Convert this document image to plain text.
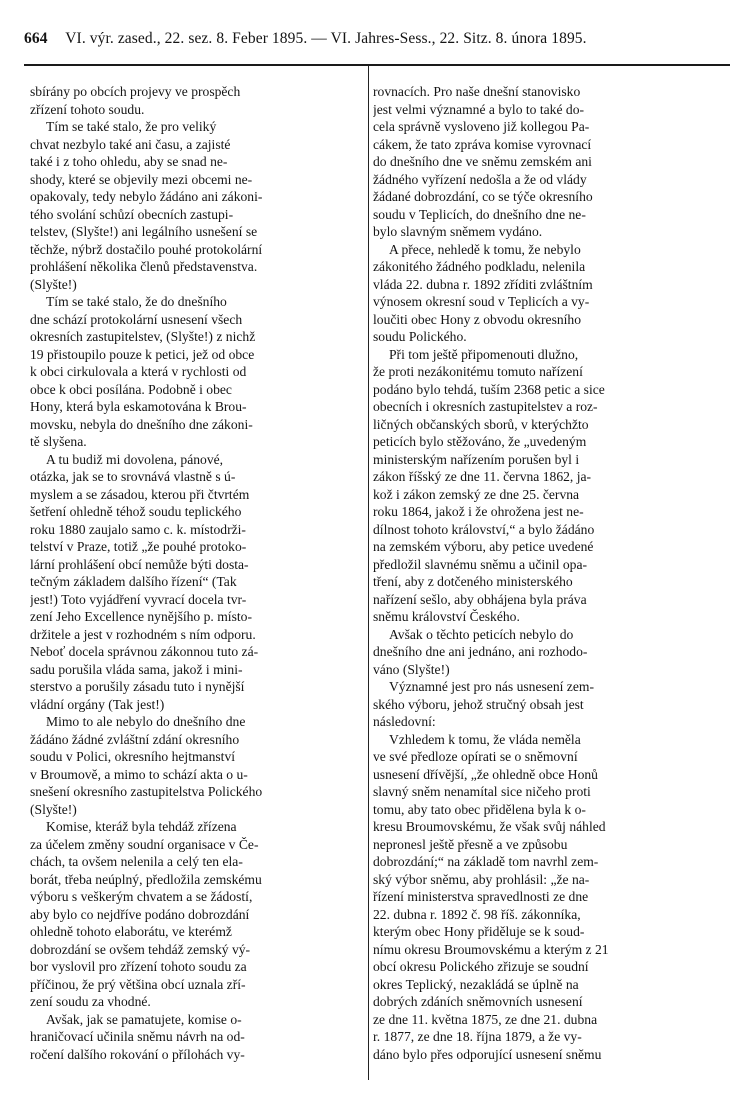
664 VI. výr. zased., 22. sez. 8. Feber 1895. — VI. Jahres-Sess., 22. Sitz. 8. února 1895.

sbírány po obcích projevy ve prospěch
zřízení tohoto soudu.

Tím se také stalo, že pro veliký
chvat nezbylo také ani času, a zajisté
také i z toho ohledu, aby se snad ne-
shody, které se objevily mezi obcemi ne-
opakovaly, tedy nebylo žádáno ani zákoni-
tého svolání schůzí obecních zastupi-
telstev, (Slyšte!) ani legálního usnešení se
těchže, nýbrž dostačilo pouhé protokolární
prohlášení několika členů představenstva.
(Slyšte!)

Tím se také stalo, že do dnešního
dne schází protokolární usnesení všech
okresních zastupitelstev, (Slyšte!) z nichž
19 přistoupilo pouze k petici, jež od obce
k obci cirkulovala a která v rychlosti od
obce k obci posílána. Podobně i obec
Hony, která byla eskamotována k Brou-
movsku, nebyla do dnešního dne zákoni-
tě slyšena.

A tu budiž mi dovolena, pánové,
otázka, jak se to srovnává vlastně s ú-
myslem a se zásadou, kterou při čtvrtém
šetření ohledně téhož soudu teplického
roku 1880 zaujalo samo c. k. místodrži-
telství v Praze, totiž „že pouhé protoko-
lární prohlášení obcí nemůže býti dosta-
tečným základem dalšího řízení“ (Tak
jest!) Toto vyjádření vyvrací docela tvr-
zení Jeho Excellence nynějšího p. místo-
držitele a jest v rozhodném s ním odporu.
Neboť docela správnou zákonnou tuto zá-
sadu porušila vláda sama, jakož i mini-
sterstvo a porušily zásadu tuto i nynější
vládní orgány (Tak jest!)

Mimo to ale nebylo do dnešního dne
žádáno žádné zvláštní zdání okresního
soudu v Polici, okresního hejtmanství
v Broumově, a mimo to schází akta o u-
snešení okresního zastupitelstva Polického
(Slyšte!)

Komise, kteráž byla tehdáž zřízena
za účelem změny soudní organisace v Če-
chách, ta ovšem nelenila a celý ten ela-
borát, třeba neúplný, předložila zemskému
výboru s veškerým chvatem a se žádostí,
aby bylo co nejdříve podáno dobrozdání
ohledně tohoto elaborátu, ve kterémž
dobrozdání se ovšem tehdáž zemský vý-
bor vyslovil pro zřízení tohoto soudu za
příčinou, že prý většina obcí uznala zří-
zení soudu za vhodné.

Avšak, jak se pamatujete, komise o-
hraničovací učinila sněmu návrh na od-
ročení dalšího rokování o přílohách vy-

rovnacích. Pro naše dnešní stanovisko
jest velmi významné a bylo to také do-
cela správně vysloveno již kollegou Pa-
cákem, že tato zpráva komise vyrovnací
do dnešního dne ve sněmu zemském ani
žádného vyřízení nedošla a že od vlády
žádané dobrozdání, co se týče okresního
soudu v Teplicích, do dnešního dne ne-
bylo slavným sněmem vydáno.

A přece, nehledě k tomu, že nebylo
zákonitého žádného podkladu, nelenila
vláda 22. dubna r. 1892 zříditi zvláštním
výnosem okresní soud v Teplicích a vy-
loučiti obec Hony z obvodu okresního
soudu Polického.

Při tom ještě připomenouti dlužno,
že proti nezákonitému tomuto nařízení
podáno bylo tehdá, tuším 2368 petic a sice
obecních i okresních zastupitelstev a roz-
ličných občanských sborů, v kterýchžto
peticích bylo stěžováno, že „uvedeným
ministerským nařízením porušen byl i
zákon říšský ze dne 11. června 1862, ja-
kož i zákon zemský ze dne 25. června
roku 1864, jakož i že ohrožena jest ne-
dílnost tohoto království,“ a bylo žádáno
na zemském výboru, aby petice uvedené
předložil slavnému sněmu a učinil opa-
tření, aby z dotčeného ministerského
nařízení sešlo, aby obhájena byla práva
sněmu království Českého.

Avšak o těchto peticích nebylo do
dnešního dne ani jednáno, ani rozhodo-
váno (Slyšte!)

Významné jest pro nás usnesení zem-
ského výboru, jehož stručný obsah jest
následovní:

Vzhledem k tomu, že vláda neměla
ve své předloze opírati se o sněmovní
usnesení dřívější, „že ohledně obce Honů
slavný sněm nenamítal sice ničeho proti
tomu, aby tato obec přidělena byla k o-
kresu Broumovskému, že však svůj náhled
nepronesl ještě přesně a ve způsobu
dobrozdání;“ na základě tom navrhl zem-
ský výbor sněmu, aby prohlásil: „že na-
řízení ministerstva spravedlnosti ze dne
22. dubna r. 1892 č. 98 říš. zákonníka,
kterým obec Hony přiděluje se k soud-
nímu okresu Broumovskému a kterým z 21
obcí okresu Polického zřizuje se soudní
okres Teplický, nezakládá se úplně na
dobrých zdáních sněmovních usnesení
ze dne 11. května 1875, ze dne 21. dubna
r. 1877, ze dne 18. října 1879, a že vy-
dáno bylo přes odporující usnesení sněmu
